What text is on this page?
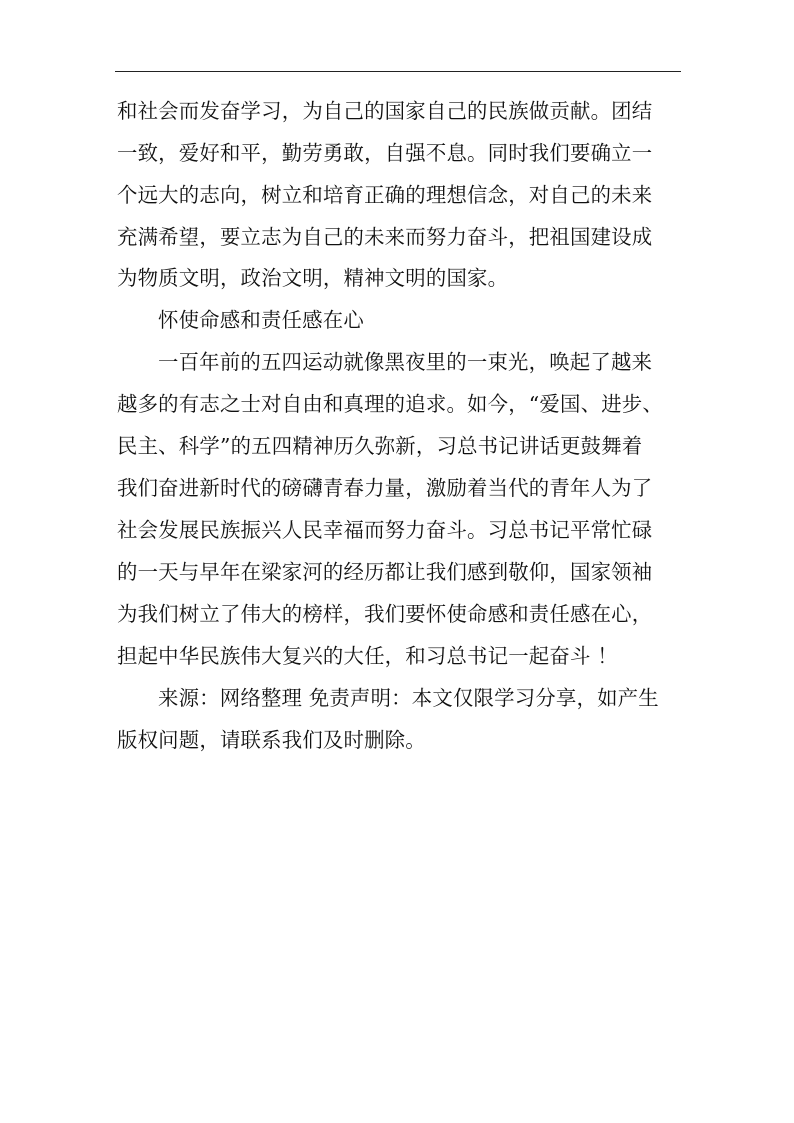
和社会而发奋学习，为自己的国家自己的民族做贡献。团结
一致，爱好和平，勤劳勇敢，自强不息。同时我们要确立一
个远大的志向，树立和培育正确的理想信念，对自己的未来
充满希望，要立志为自己的未来而努力奋斗，把祖国建设成
为物质文明，政治文明，精神文明的国家。
怀使命感和责任感在心
一百年前的五四运动就像黑夜里的一束光，唤起了越来
越多的有志之士对自由和真理的追求。如今，“爱国、进步、
民主、科学”的五四精神历久弥新，习总书记讲话更鼓舞着
我们奋进新时代的磅礴青春力量，激励着当代的青年人为了
社会发展民族振兴人民幸福而努力奋斗。习总书记平常忙碌
的一天与早年在梁家河的经历都让我们感到敬仰，国家领袖
为我们树立了伟大的榜样，我们要怀使命感和责任感在心，
担起中华民族伟大复兴的大任，和习总书记一起奋斗 ！
来源：网络整理 免责声明：本文仅限学习分享，如产生
版权问题，请联系我们及时删除。
